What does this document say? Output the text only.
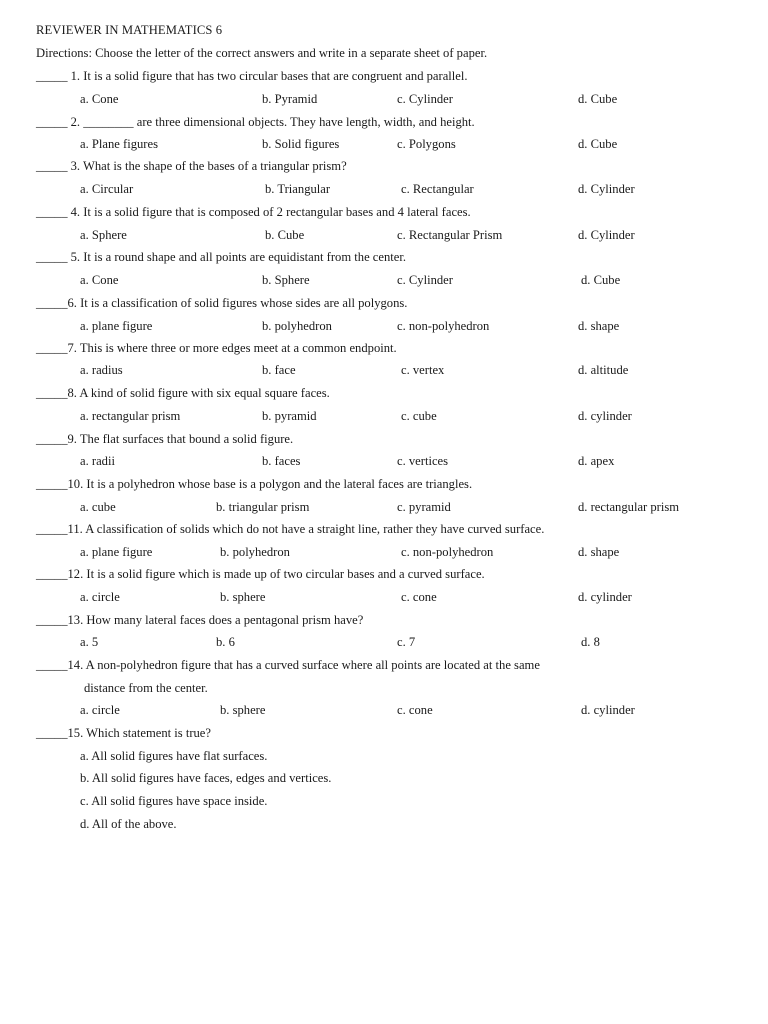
REVIEWER IN MATHEMATICS 6
Directions: Choose the letter of the correct answers and write in a separate sheet of paper.
_____ 1. It is a solid figure that has two circular bases that are congruent and parallel.
a. Cone	b. Pyramid	c. Cylinder	d. Cube
_____ 2. ________ are three dimensional objects. They have length, width, and height.
a. Plane figures	b. Solid figures	c. Polygons	d. Cube
_____ 3. What is the shape of the bases of a triangular prism?
a. Circular	b. Triangular	c. Rectangular	d. Cylinder
_____ 4. It is a solid figure that is composed of 2 rectangular bases and 4 lateral faces.
a. Sphere	b. Cube	c. Rectangular Prism	d. Cylinder
_____ 5. It is a round shape and all points are equidistant from the center.
a. Cone	b. Sphere	c. Cylinder	d. Cube
_____6. It is a classification of solid figures whose sides are all polygons.
a. plane figure	b. polyhedron	c. non-polyhedron	d. shape
_____7. This is where three or more edges meet at a common endpoint.
a. radius	b. face	c. vertex	d. altitude
_____8. A kind of solid figure with six equal square faces.
a. rectangular prism	b. pyramid	c. cube	d. cylinder
_____9. The flat surfaces that bound a solid figure.
a. radii	b. faces	c. vertices	d. apex
_____10. It is a polyhedron whose base is a polygon and the lateral faces are triangles.
a. cube	b. triangular prism	c. pyramid	d. rectangular prism
_____11. A classification of solids which do not have a straight line, rather they have curved surface.
a. plane figure	b. polyhedron	c. non-polyhedron	d. shape
_____12. It is a solid figure which is made up of two circular bases and a curved surface.
a. circle	b. sphere	c. cone	d. cylinder
_____13. How many lateral faces does a pentagonal prism have?
a. 5	b. 6	c. 7	d. 8
_____14. A non-polyhedron figure that has a curved surface where all points are located at the same
distance from the center.
a. circle	b. sphere	c. cone	d. cylinder
_____15. Which statement is true?
a. All solid figures have flat surfaces.
b. All solid figures have faces, edges and vertices.
c. All solid figures have space inside.
d. All of the above.
